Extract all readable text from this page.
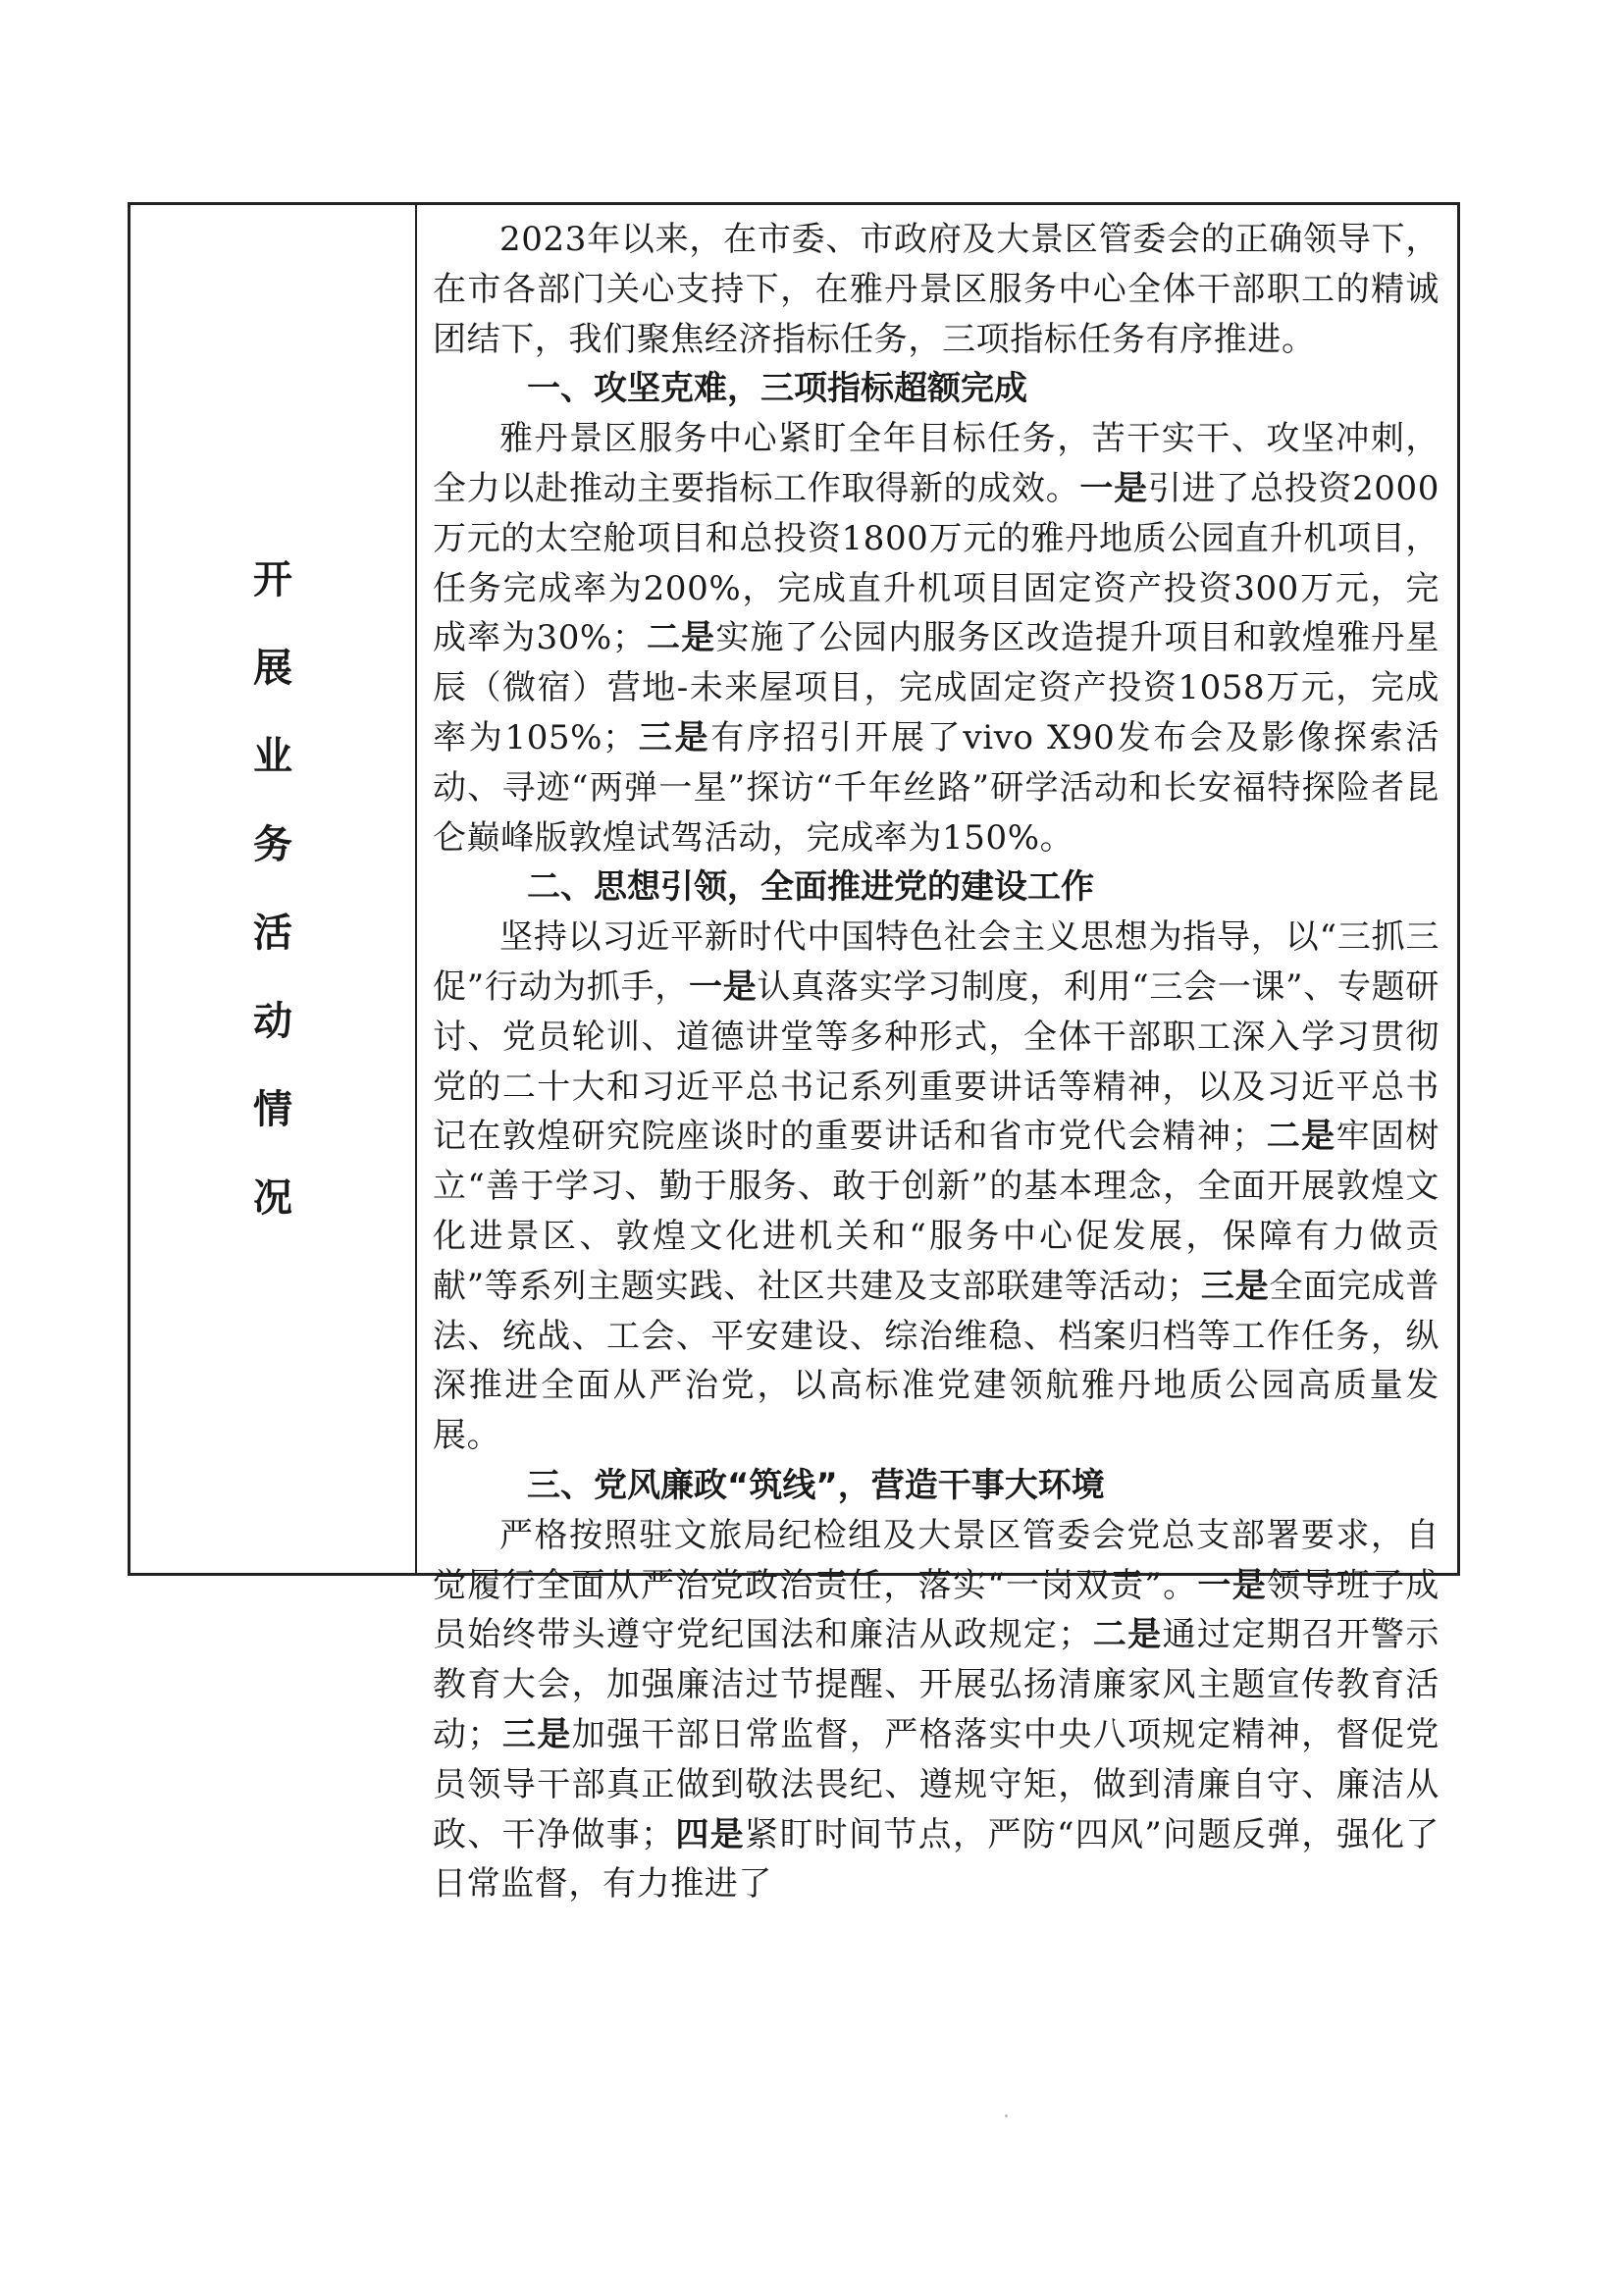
开
展
业
务
活
动
情
况

2023年以来，在市委、市政府及大景区管委会的正确领导下，在市各部门关心支持下，在雅丹景区服务中心全体干部职工的精诚团结下，我们聚焦经济指标任务，三项指标任务有序推进。

一、攻坚克难，三项指标超额完成

雅丹景区服务中心紧盯全年目标任务，苦干实干、攻坚冲刺，全力以赴推动主要指标工作取得新的成效。一是引进了总投资2000万元的太空舱项目和总投资1800万元的雅丹地质公园直升机项目，任务完成率为200%，完成直升机项目固定资产投资300万元，完成率为30%；二是实施了公园内服务区改造提升项目和敦煌雅丹星辰（微宿）营地-未来屋项目，完成固定资产投资1058万元，完成率为105%；三是有序招引开展了vivo X90发布会及影像探索活动、寻迹“两弹一星”探访“千年丝路”研学活动和长安福特探险者昆仑巅峰版敦煌试驾活动，完成率为150%。

二、思想引领，全面推进党的建设工作

坚持以习近平新时代中国特色社会主义思想为指导，以“三抓三促”行动为抓手，一是认真落实学习制度，利用“三会一课”、专题研讨、党员轮训、道德讲堂等多种形式，全体干部职工深入学习贯彻党的二十大和习近平总书记系列重要讲话等精神，以及习近平总书记在敦煌研究院座谈时的重要讲话和省市党代会精神；二是牢固树立“善于学习、勤于服务、敢于创新”的基本理念，全面开展敦煌文化进景区、敦煌文化进机关和“服务中心促发展，保障有力做贡献”等系列主题实践、社区共建及支部联建等活动；三是全面完成普法、统战、工会、平安建设、综治维稳、档案归档等工作任务，纵深推进全面从严治党，以高标准党建领航雅丹地质公园高质量发展。

三、党风廉政“筑线”，营造干事大环境

严格按照驻文旅局纪检组及大景区管委会党总支部署要求，自觉履行全面从严治党政治责任，落实“一岗双责”。一是领导班子成员始终带头遵守党纪国法和廉洁从政规定；二是通过定期召开警示教育大会，加强廉洁过节提醒、开展弘扬清廉家风主题宣传教育活动；三是加强干部日常监督，严格落实中央八项规定精神，督促党员领导干部真正做到敬法畏纪、遵规守矩，做到清廉自守、廉洁从政、干净做事；四是紧盯时间节点，严防“四风”问题反弹，强化了日常监督，有力推进了
